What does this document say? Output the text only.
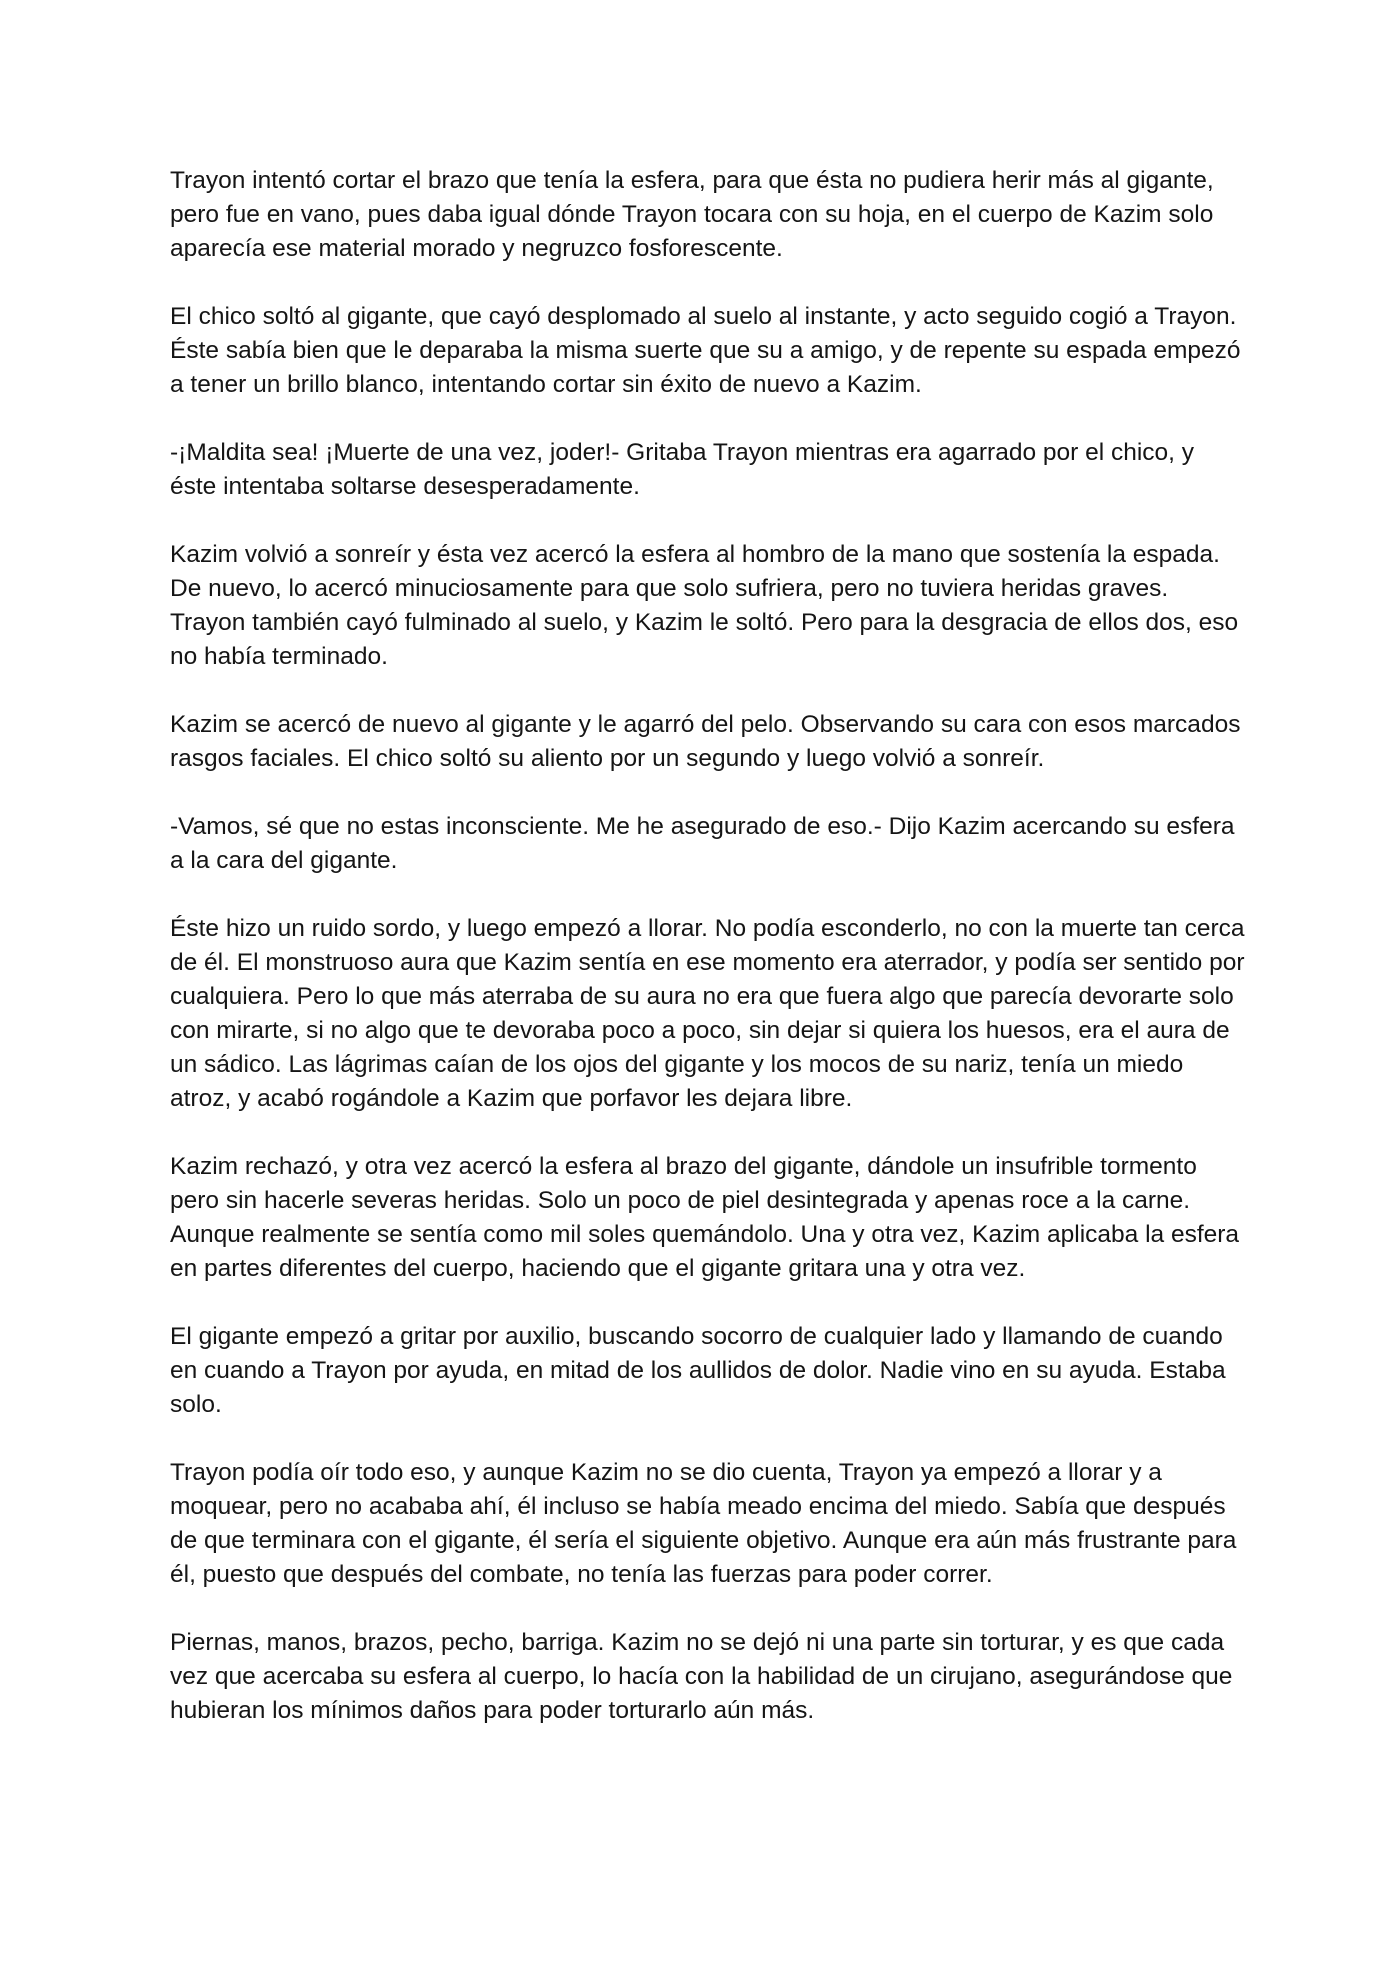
Trayon intentó cortar el brazo que tenía la esfera, para que ésta no pudiera herir más al gigante, pero fue en vano, pues daba igual dónde Trayon tocara con su hoja, en el cuerpo de Kazim solo aparecía ese material morado y negruzco fosforescente.

El chico soltó al gigante, que cayó desplomado al suelo al instante, y acto seguido cogió a Trayon. Éste sabía bien que le deparaba la misma suerte que su a amigo, y de repente su espada empezó a tener un brillo blanco, intentando cortar sin éxito de nuevo a Kazim.

-¡Maldita sea! ¡Muerte de una vez, joder!- Gritaba Trayon mientras era agarrado por el chico, y éste intentaba soltarse desesperadamente.

Kazim volvió a sonreír y ésta vez acercó la esfera al hombro de la mano que sostenía la espada. De nuevo, lo acercó minuciosamente para que solo sufriera, pero no tuviera heridas graves. Trayon también cayó fulminado al suelo, y Kazim le soltó. Pero para la desgracia de ellos dos, eso no había terminado.

Kazim se acercó de nuevo al gigante y le agarró del pelo. Observando su cara con esos marcados rasgos faciales. El chico soltó su aliento por un segundo y luego volvió a sonreír.

-Vamos, sé que no estas inconsciente. Me he asegurado de eso.- Dijo Kazim acercando su esfera a la cara del gigante.

Éste hizo un ruido sordo, y luego empezó a llorar. No podía esconderlo, no con la muerte tan cerca de él. El monstruoso aura que Kazim sentía en ese momento era aterrador, y podía ser sentido por cualquiera. Pero lo que más aterraba de su aura no era que fuera algo que parecía devorarte solo con mirarte, si no algo que te devoraba poco a poco, sin dejar si quiera los huesos, era el aura de un sádico. Las lágrimas caían de los ojos del gigante y los mocos de su nariz, tenía un miedo atroz, y acabó rogándole a Kazim que porfavor les dejara libre.

Kazim rechazó, y otra vez acercó la esfera al brazo del gigante, dándole un insufrible tormento pero sin hacerle severas heridas. Solo un poco de piel desintegrada y apenas roce a la carne. Aunque realmente se sentía como mil soles quemándolo. Una y otra vez, Kazim aplicaba la esfera en partes diferentes del cuerpo, haciendo que el gigante gritara una y otra vez.

El gigante empezó a gritar por auxilio, buscando socorro de cualquier lado y llamando de cuando en cuando a Trayon por ayuda, en mitad de los aullidos de dolor. Nadie vino en su ayuda. Estaba solo.

Trayon podía oír todo eso, y aunque Kazim no se dio cuenta, Trayon ya empezó a llorar y a moquear, pero no acababa ahí, él incluso se había meado encima del miedo. Sabía que después de que terminara con el gigante, él sería el siguiente objetivo. Aunque era aún más frustrante para él, puesto que después del combate, no tenía las fuerzas para poder correr.

Piernas, manos, brazos, pecho, barriga. Kazim no se dejó ni una parte sin torturar, y es que cada vez que acercaba su esfera al cuerpo, lo hacía con la habilidad de un cirujano, asegurándose que hubieran los mínimos daños para poder torturarlo aún más.
